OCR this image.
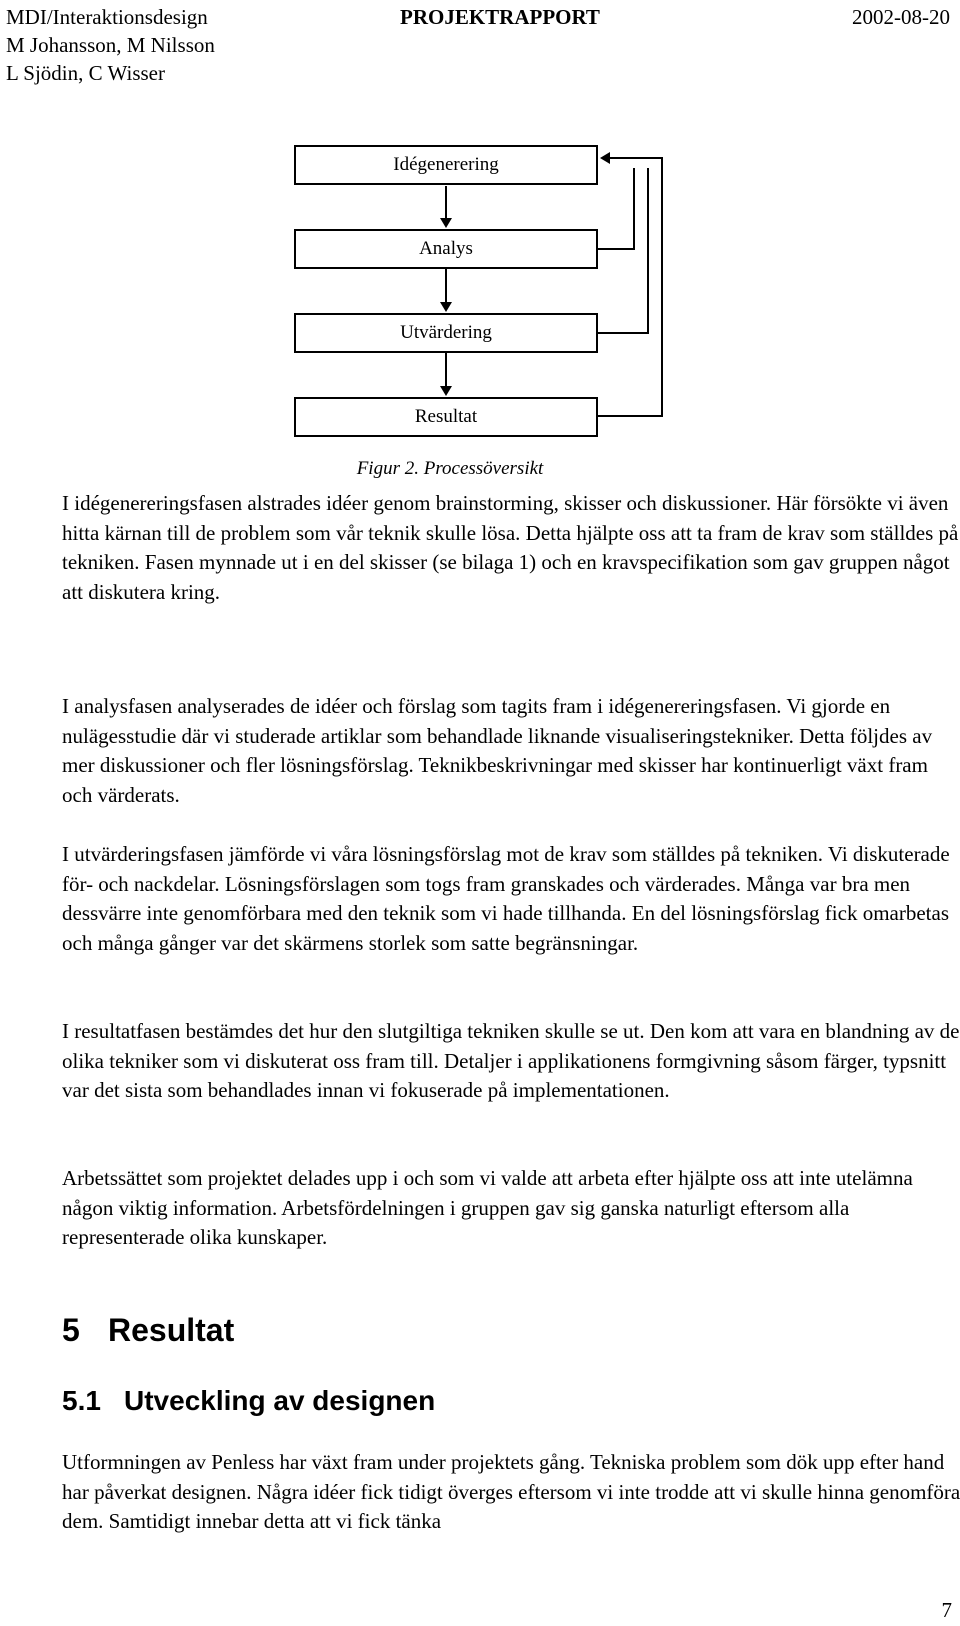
MDI/Interaktionsdesign
M Johansson, M Nilsson
L Sjödin, C Wisser
PROJEKTRAPPORT	2002-08-20
Idégenerering
Analys
Utvärdering
Resultat
Figur 2. Processöversikt

I idégenereringsfasen alstrades idéer genom brainstorming, skisser och diskussioner. Här försökte vi även hitta kärnan till de problem som vår teknik skulle lösa. Detta hjälpte oss att ta fram de krav som ställdes på tekniken. Fasen mynnade ut i en del skisser (se bilaga 1) och en kravspecifikation som gav gruppen något att diskutera kring.

I analysfasen analyserades de idéer och förslag som tagits fram i idégenereringsfasen. Vi gjorde en nulägesstudie där vi studerade artiklar som behandlade liknande visualiseringstekniker. Detta följdes av mer diskussioner och fler lösningsförslag. Teknikbeskrivningar med skisser har kontinuerligt växt fram och värderats.

I utvärderingsfasen jämförde vi våra lösningsförslag mot de krav som ställdes på tekniken. Vi diskuterade för- och nackdelar. Lösningsförslagen som togs fram granskades och värderades. Många var bra men dessvärre inte genomförbara med den teknik som vi hade tillhanda. En del lösningsförslag fick omarbetas och många gånger var det skärmens storlek som satte begränsningar.

I resultatfasen bestämdes det hur den slutgiltiga tekniken skulle se ut. Den kom att vara en blandning av de olika tekniker som vi diskuterat oss fram till. Detaljer i applikationens formgivning såsom färger, typsnitt var det sista som behandlades innan vi fokuserade på implementationen.

Arbetssättet som projektet delades upp i och som vi valde att arbeta efter hjälpte oss att inte utelämna någon viktig information. Arbetsfördelningen i gruppen gav sig ganska naturligt eftersom alla representerade olika kunskaper.

5 Resultat
5.1 Utveckling av designen

Utformningen av Penless har växt fram under projektets gång. Tekniska problem som dök upp efter hand har påverkat designen. Några idéer fick tidigt överges eftersom vi inte trodde att vi skulle hinna genomföra dem. Samtidigt innebar detta att vi fick tänka

7
